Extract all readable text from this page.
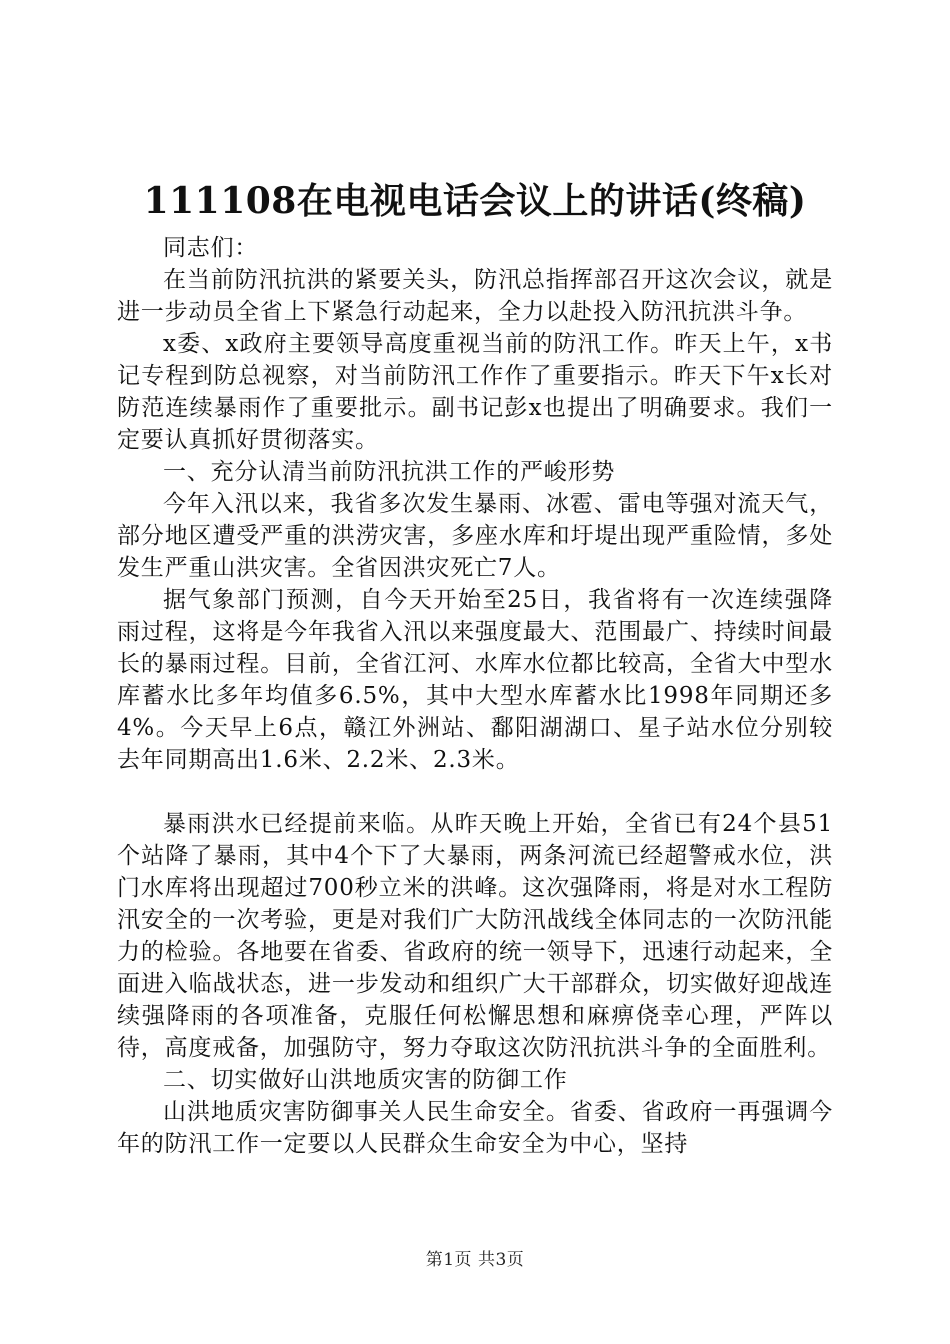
111108在电视电话会议上的讲话(终稿)

同志们：

在当前防汛抗洪的紧要关头，防汛总指挥部召开这次会议，就是进一步动员全省上下紧急行动起来，全力以赴投入防汛抗洪斗争。

x委、x政府主要领导高度重视当前的防汛工作。昨天上午，x书记专程到防总视察，对当前防汛工作作了重要指示。昨天下午x长对防范连续暴雨作了重要批示。副书记彭x也提出了明确要求。我们一定要认真抓好贯彻落实。

一、充分认清当前防汛抗洪工作的严峻形势

今年入汛以来，我省多次发生暴雨、冰雹、雷电等强对流天气，部分地区遭受严重的洪涝灾害，多座水库和圩堤出现严重险情，多处发生严重山洪灾害。全省因洪灾死亡7人。

据气象部门预测，自今天开始至25日，我省将有一次连续强降雨过程，这将是今年我省入汛以来强度最大、范围最广、持续时间最长的暴雨过程。目前，全省江河、水库水位都比较高，全省大中型水库蓄水比多年均值多6.5%，其中大型水库蓄水比1998年同期还多4%。今天早上6点，赣江外洲站、鄱阳湖湖口、星子站水位分别较去年同期高出1.6米、2.2米、2.3米。

暴雨洪水已经提前来临。从昨天晚上开始，全省已有24个县51个站降了暴雨，其中4个下了大暴雨，两条河流已经超警戒水位，洪门水库将出现超过700秒立米的洪峰。这次强降雨，将是对水工程防汛安全的一次考验，更是对我们广大防汛战线全体同志的一次防汛能力的检验。各地要在省委、省政府的统一领导下，迅速行动起来，全面进入临战状态，进一步发动和组织广大干部群众，切实做好迎战连续强降雨的各项准备，克服任何松懈思想和麻痹侥幸心理，严阵以待，高度戒备，加强防守，努力夺取这次防汛抗洪斗争的全面胜利。

二、切实做好山洪地质灾害的防御工作

山洪地质灾害防御事关人民生命安全。省委、省政府一再强调今年的防汛工作一定要以人民群众生命安全为中心，坚持

第1页 共3页
